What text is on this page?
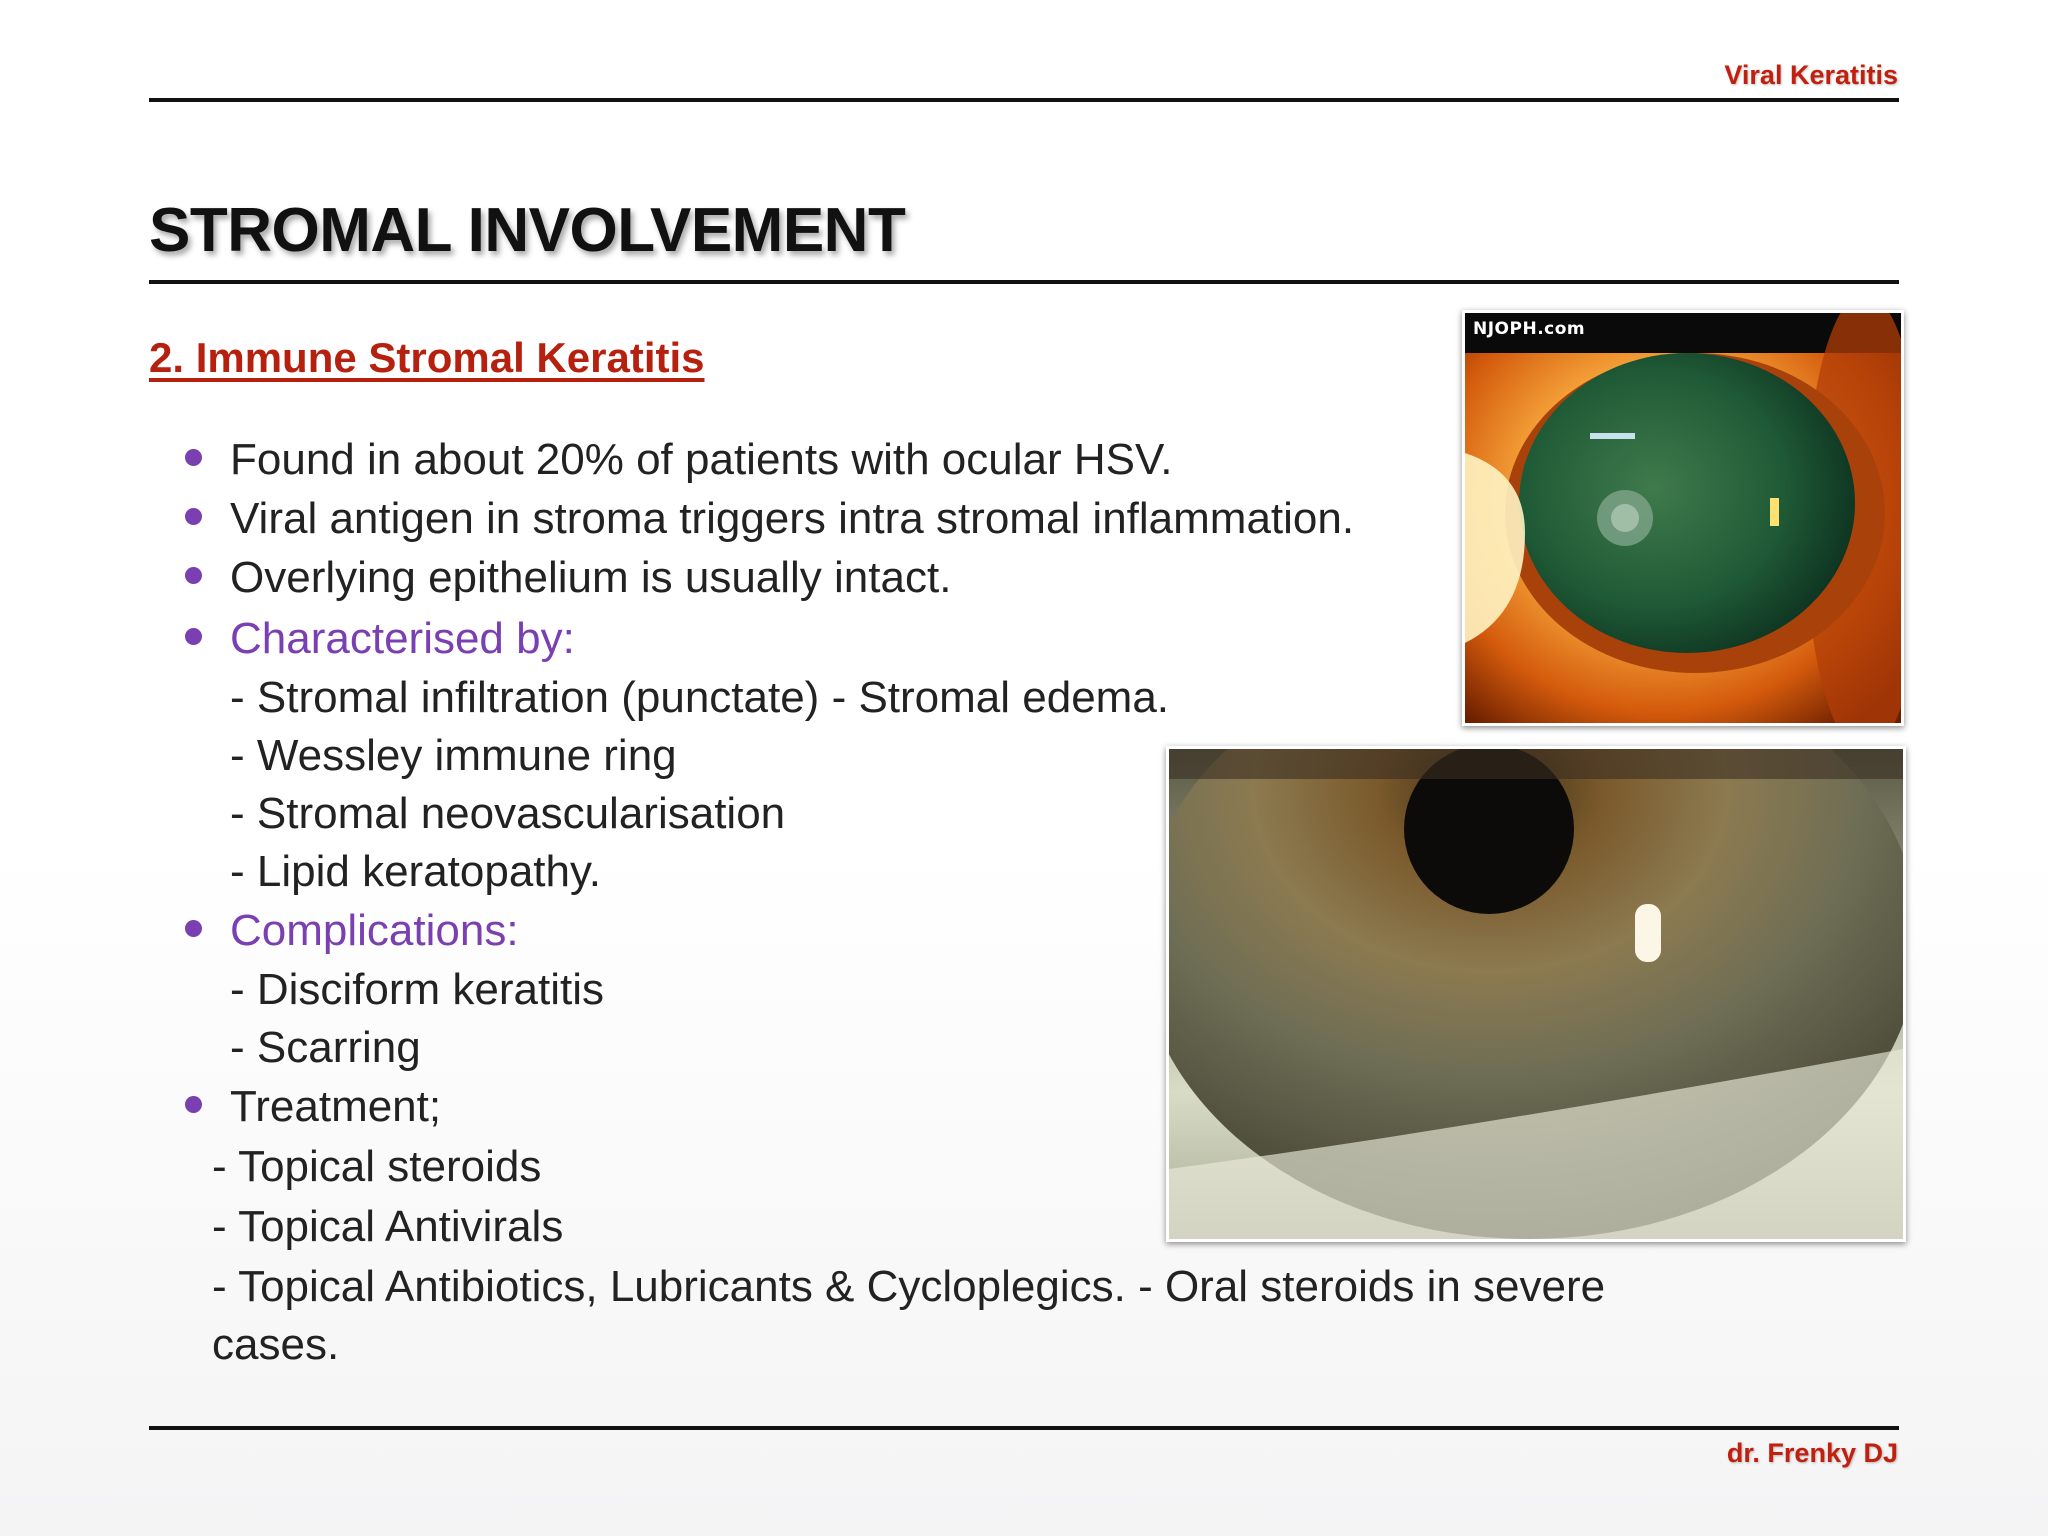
Viral Keratitis
STROMAL INVOLVEMENT
2. Immune Stromal Keratitis
Found in about 20% of patients with ocular HSV.
Viral antigen in stroma triggers intra stromal inflammation.
Overlying epithelium is usually intact.
Characterised by:
- Stromal infiltration (punctate) - Stromal edema.
- Wessley immune ring
- Stromal neovascularisation
- Lipid keratopathy.
Complications:
- Disciform keratitis
- Scarring
Treatment;
- Topical steroids
- Topical Antivirals
- Topical Antibiotics, Lubricants & Cycloplegics. - Oral steroids in severe
cases.
NJOPH.com
dr. Frenky DJ
